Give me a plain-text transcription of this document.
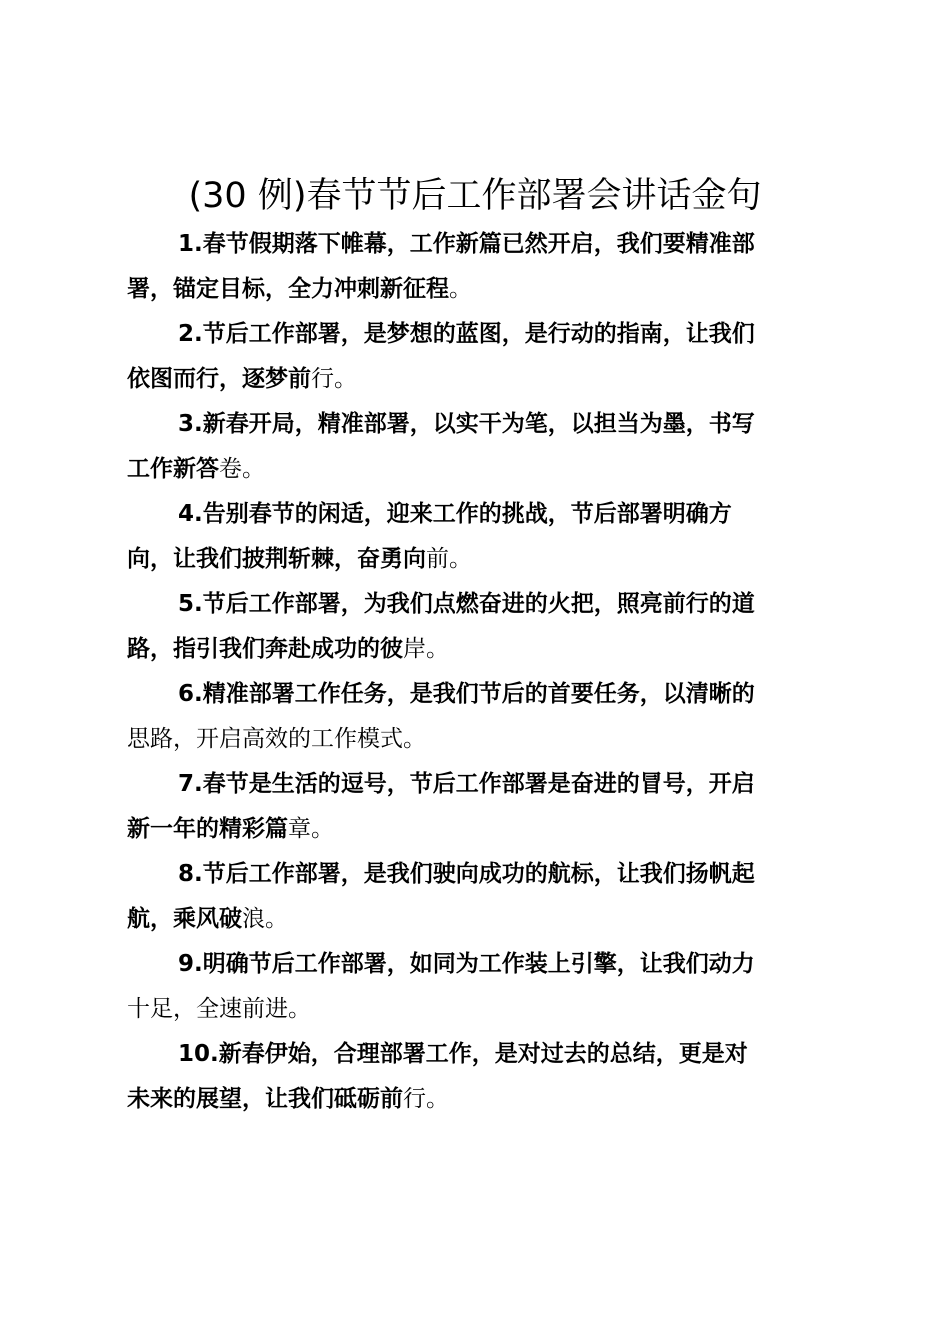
(30 例)春节节后工作部署会讲话金句

1.春节假期落下帷幕，工作新篇已然开启，我们要精准部
署，锚定目标，全力冲刺新征程。

2.节后工作部署，是梦想的蓝图，是行动的指南，让我们
依图而行，逐梦前行。

3.新春开局，精准部署，以实干为笔，以担当为墨，书写
工作新答卷。

4.告别春节的闲适，迎来工作的挑战，节后部署明确方
向，让我们披荆斩棘，奋勇向前。

5.节后工作部署，为我们点燃奋进的火把，照亮前行的道
路，指引我们奔赴成功的彼岸。

6.精准部署工作任务，是我们节后的首要任务，以清晰的
思路，开启高效的工作模式。

7.春节是生活的逗号，节后工作部署是奋进的冒号，开启
新一年的精彩篇章。

8.节后工作部署，是我们驶向成功的航标，让我们扬帆起
航，乘风破浪。

9.明确节后工作部署，如同为工作装上引擎，让我们动力
十足，全速前进。

10.新春伊始，合理部署工作，是对过去的总结，更是对
未来的展望，让我们砥砺前行。
